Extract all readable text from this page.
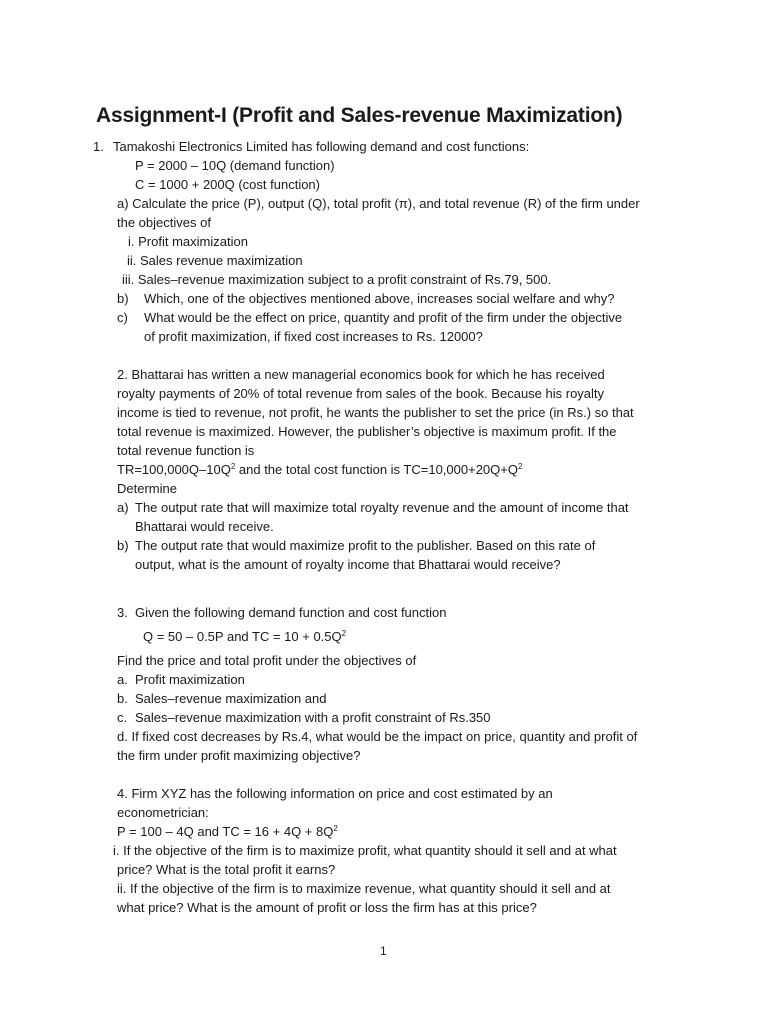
Assignment-I (Profit and Sales-revenue Maximization)
1. Tamakoshi Electronics Limited has following demand and cost functions:
P = 2000 – 10Q (demand function)
C = 1000 + 200Q (cost function)
a) Calculate the price (P), output (Q), total profit (π), and total revenue (R) of the firm under
the objectives of
i. Profit maximization
ii. Sales revenue maximization
iii. Sales–revenue maximization subject to a profit constraint of Rs.79, 500.
b) Which, one of the objectives mentioned above, increases social welfare and why?
c) What would be the effect on price, quantity and profit of the firm under the objective
of profit maximization, if fixed cost increases to Rs. 12000?
2. Bhattarai has written a new managerial economics book for which he has received
royalty payments of 20% of total revenue from sales of the book. Because his royalty
income is tied to revenue, not profit, he wants the publisher to set the price (in Rs.) so that
total revenue is maximized. However, the publisher’s objective is maximum profit. If the
total revenue function is
$TR=100,000Q-10Q^2$ and the total cost function is $TC=10,000+20Q+Q^2$
Determine
a) The output rate that will maximize total royalty revenue and the amount of income that
Bhattarai would receive.
b) The output rate that would maximize profit to the publisher. Based on this rate of
output, what is the amount of royalty income that Bhattarai would receive?
3. Given the following demand function and cost function
Q = 50 – 0.5P and TC = $10 + 0.5Q^2$
Find the price and total profit under the objectives of
a. Profit maximization
b. Sales–revenue maximization and
c. Sales–revenue maximization with a profit constraint of Rs.350
d. If fixed cost decreases by Rs.4, what would be the impact on price, quantity and profit of
the firm under profit maximizing objective?
4. Firm XYZ has the following information on price and cost estimated by an
econometrician:
P = 100 – 4Q and TC = $16 + 4Q + 8Q^2$
i. If the objective of the firm is to maximize profit, what quantity should it sell and at what
price? What is the total profit it earns?
ii. If the objective of the firm is to maximize revenue, what quantity should it sell and at
what price? What is the amount of profit or loss the firm has at this price?
1
